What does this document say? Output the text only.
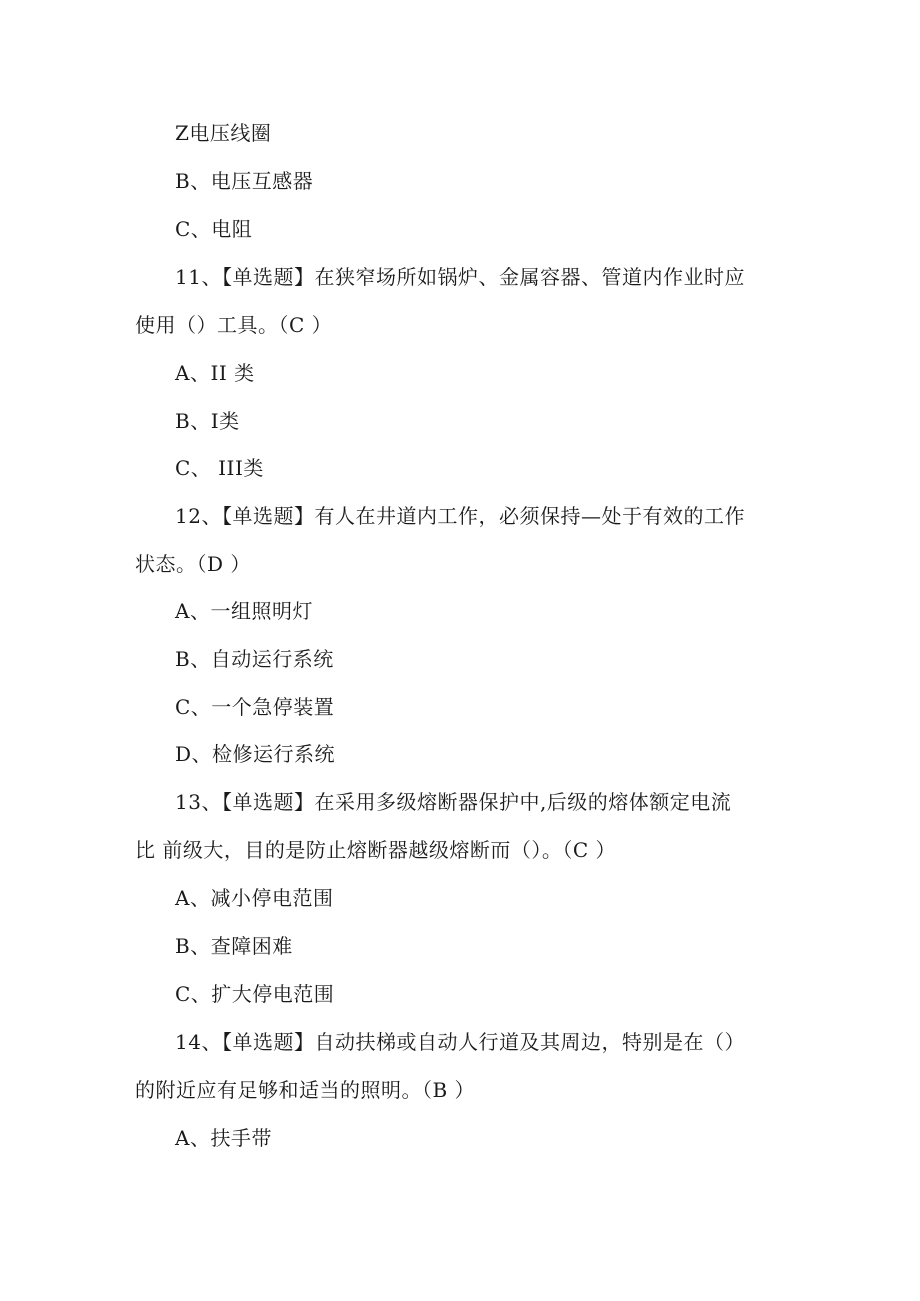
Z电压线圈
B、电压互感器
C、电阻
11、【单选题】在狭窄场所如锅炉、金属容器、管道内作业时应
使用（）工具。（C ）
A、II 类
B、I类
C、 III类
12、【单选题】有人在井道内工作，必须保持—处于有效的工作
状态。（D ）
A、一组照明灯
B、自动运行系统
C、一个急停装置
D、检修运行系统
13、【单选题】在采用多级熔断器保护中,后级的熔体额定电流
比 前级大，目的是防止熔断器越级熔断而（）。（C ）
A、减小停电范围
B、查障困难
C、扩大停电范围
14、【单选题】自动扶梯或自动人行道及其周边，特别是在（）
的附近应有足够和适当的照明。（B ）
A、扶手带
